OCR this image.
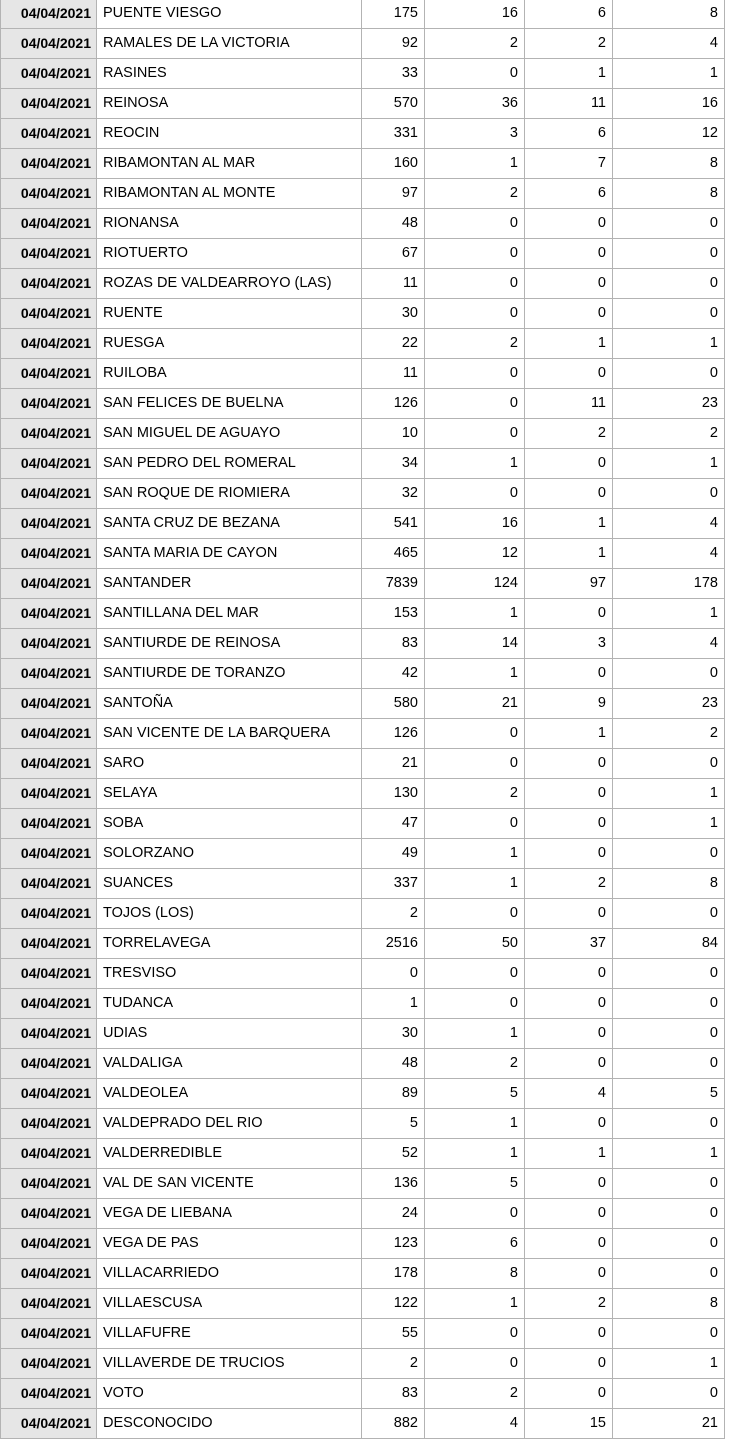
04/04/2021	PUENTE VIESGO	175	16	6	8
04/04/2021	RAMALES DE LA VICTORIA	92	2	2	4
04/04/2021	RASINES	33	0	1	1
04/04/2021	REINOSA	570	36	11	16
04/04/2021	REOCIN	331	3	6	12
04/04/2021	RIBAMONTAN AL MAR	160	1	7	8
04/04/2021	RIBAMONTAN AL MONTE	97	2	6	8
04/04/2021	RIONANSA	48	0	0	0
04/04/2021	RIOTUERTO	67	0	0	0
04/04/2021	ROZAS DE VALDEARROYO (LAS)	11	0	0	0
04/04/2021	RUENTE	30	0	0	0
04/04/2021	RUESGA	22	2	1	1
04/04/2021	RUILOBA	11	0	0	0
04/04/2021	SAN FELICES DE BUELNA	126	0	11	23
04/04/2021	SAN MIGUEL DE AGUAYO	10	0	2	2
04/04/2021	SAN PEDRO DEL ROMERAL	34	1	0	1
04/04/2021	SAN ROQUE DE RIOMIERA	32	0	0	0
04/04/2021	SANTA CRUZ DE BEZANA	541	16	1	4
04/04/2021	SANTA MARIA DE CAYON	465	12	1	4
04/04/2021	SANTANDER	7839	124	97	178
04/04/2021	SANTILLANA DEL MAR	153	1	0	1
04/04/2021	SANTIURDE DE REINOSA	83	14	3	4
04/04/2021	SANTIURDE DE TORANZO	42	1	0	0
04/04/2021	SANTOÑA	580	21	9	23
04/04/2021	SAN VICENTE DE LA BARQUERA	126	0	1	2
04/04/2021	SARO	21	0	0	0
04/04/2021	SELAYA	130	2	0	1
04/04/2021	SOBA	47	0	0	1
04/04/2021	SOLORZANO	49	1	0	0
04/04/2021	SUANCES	337	1	2	8
04/04/2021	TOJOS (LOS)	2	0	0	0
04/04/2021	TORRELAVEGA	2516	50	37	84
04/04/2021	TRESVISO	0	0	0	0
04/04/2021	TUDANCA	1	0	0	0
04/04/2021	UDIAS	30	1	0	0
04/04/2021	VALDALIGA	48	2	0	0
04/04/2021	VALDEOLEA	89	5	4	5
04/04/2021	VALDEPRADO DEL RIO	5	1	0	0
04/04/2021	VALDERREDIBLE	52	1	1	1
04/04/2021	VAL DE SAN VICENTE	136	5	0	0
04/04/2021	VEGA DE LIEBANA	24	0	0	0
04/04/2021	VEGA DE PAS	123	6	0	0
04/04/2021	VILLACARRIEDO	178	8	0	0
04/04/2021	VILLAESCUSA	122	1	2	8
04/04/2021	VILLAFUFRE	55	0	0	0
04/04/2021	VILLAVERDE DE TRUCIOS	2	0	0	1
04/04/2021	VOTO	83	2	0	0
04/04/2021	DESCONOCIDO	882	4	15	21
